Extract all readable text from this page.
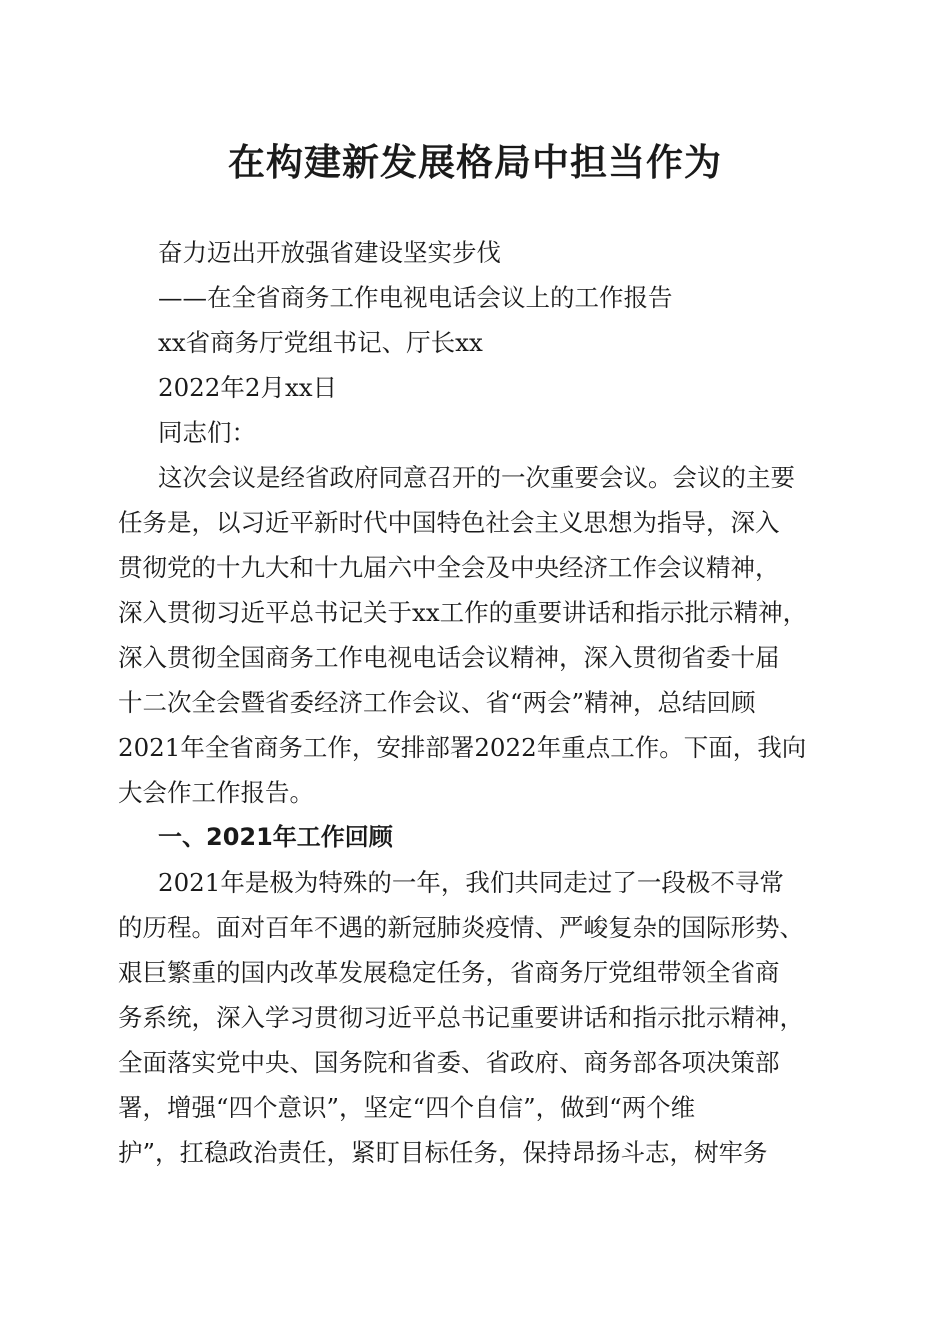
在构建新发展格局中担当作为
奋力迈出开放强省建设坚实步伐
——在全省商务工作电视电话会议上的工作报告
xx省商务厅党组书记、厅长xx
2022年2月xx日
同志们：
这次会议是经省政府同意召开的一次重要会议。会议的主要
任务是，以习近平新时代中国特色社会主义思想为指导，深入
贯彻党的十九大和十九届六中全会及中央经济工作会议精神，
深入贯彻习近平总书记关于xx工作的重要讲话和指示批示精神，
深入贯彻全国商务工作电视电话会议精神，深入贯彻省委十届
十二次全会暨省委经济工作会议、省“两会”精神，总结回顾
2021年全省商务工作，安排部署2022年重点工作。下面，我向
大会作工作报告。
一、2021年工作回顾
2021年是极为特殊的一年，我们共同走过了一段极不寻常
的历程。面对百年不遇的新冠肺炎疫情、严峻复杂的国际形势、
艰巨繁重的国内改革发展稳定任务，省商务厅党组带领全省商
务系统，深入学习贯彻习近平总书记重要讲话和指示批示精神，
全面落实党中央、国务院和省委、省政府、商务部各项决策部
署，增强“四个意识”，坚定“四个自信”，做到“两个维
护”，扛稳政治责任，紧盯目标任务，保持昂扬斗志，树牢务
